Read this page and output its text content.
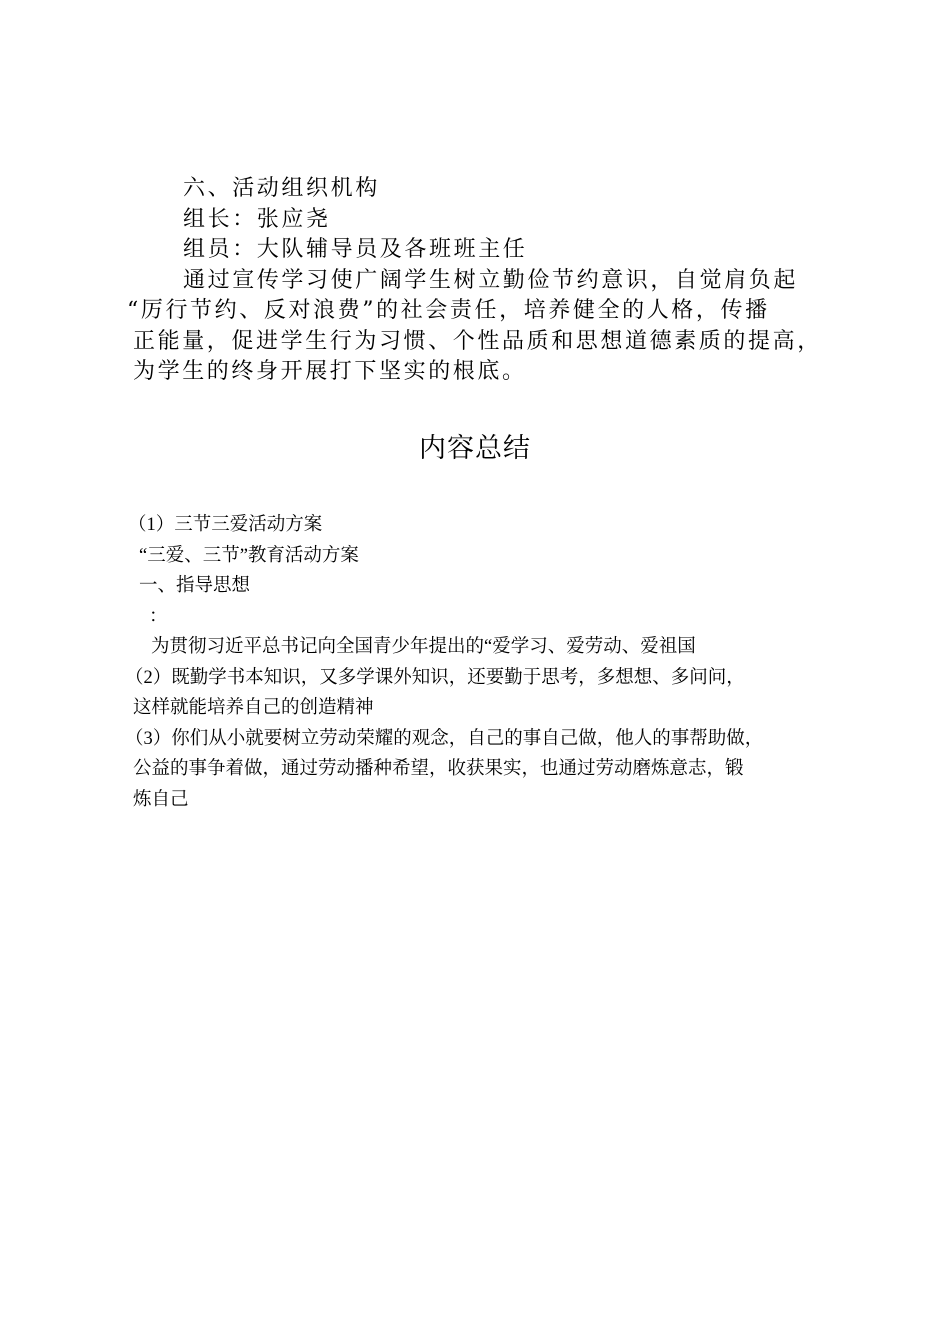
六、活动组织机构

组长：张应尧

组员：大队辅导员及各班班主任

通过宣传学习使广阔学生树立勤俭节约意识，自觉肩负起

“厉行节约、反对浪费”的社会责任，培养健全的人格，传播

正能量，促进学生行为习惯、个性品质和思想道德素质的提高，

为学生的终身开展打下坚实的根底。

内容总结

（1）三节三爱活动方案

“三爱、三节”教育活动方案

一、指导思想

：

为贯彻习近平总书记向全国青少年提出的“爱学习、爱劳动、爱祖国

（2）既勤学书本知识，又多学课外知识，还要勤于思考，多想想、多问问，

这样就能培养自己的创造精神

（3）你们从小就要树立劳动荣耀的观念，自己的事自己做，他人的事帮助做，

公益的事争着做，通过劳动播种希望，收获果实，也通过劳动磨炼意志，锻

炼自己
